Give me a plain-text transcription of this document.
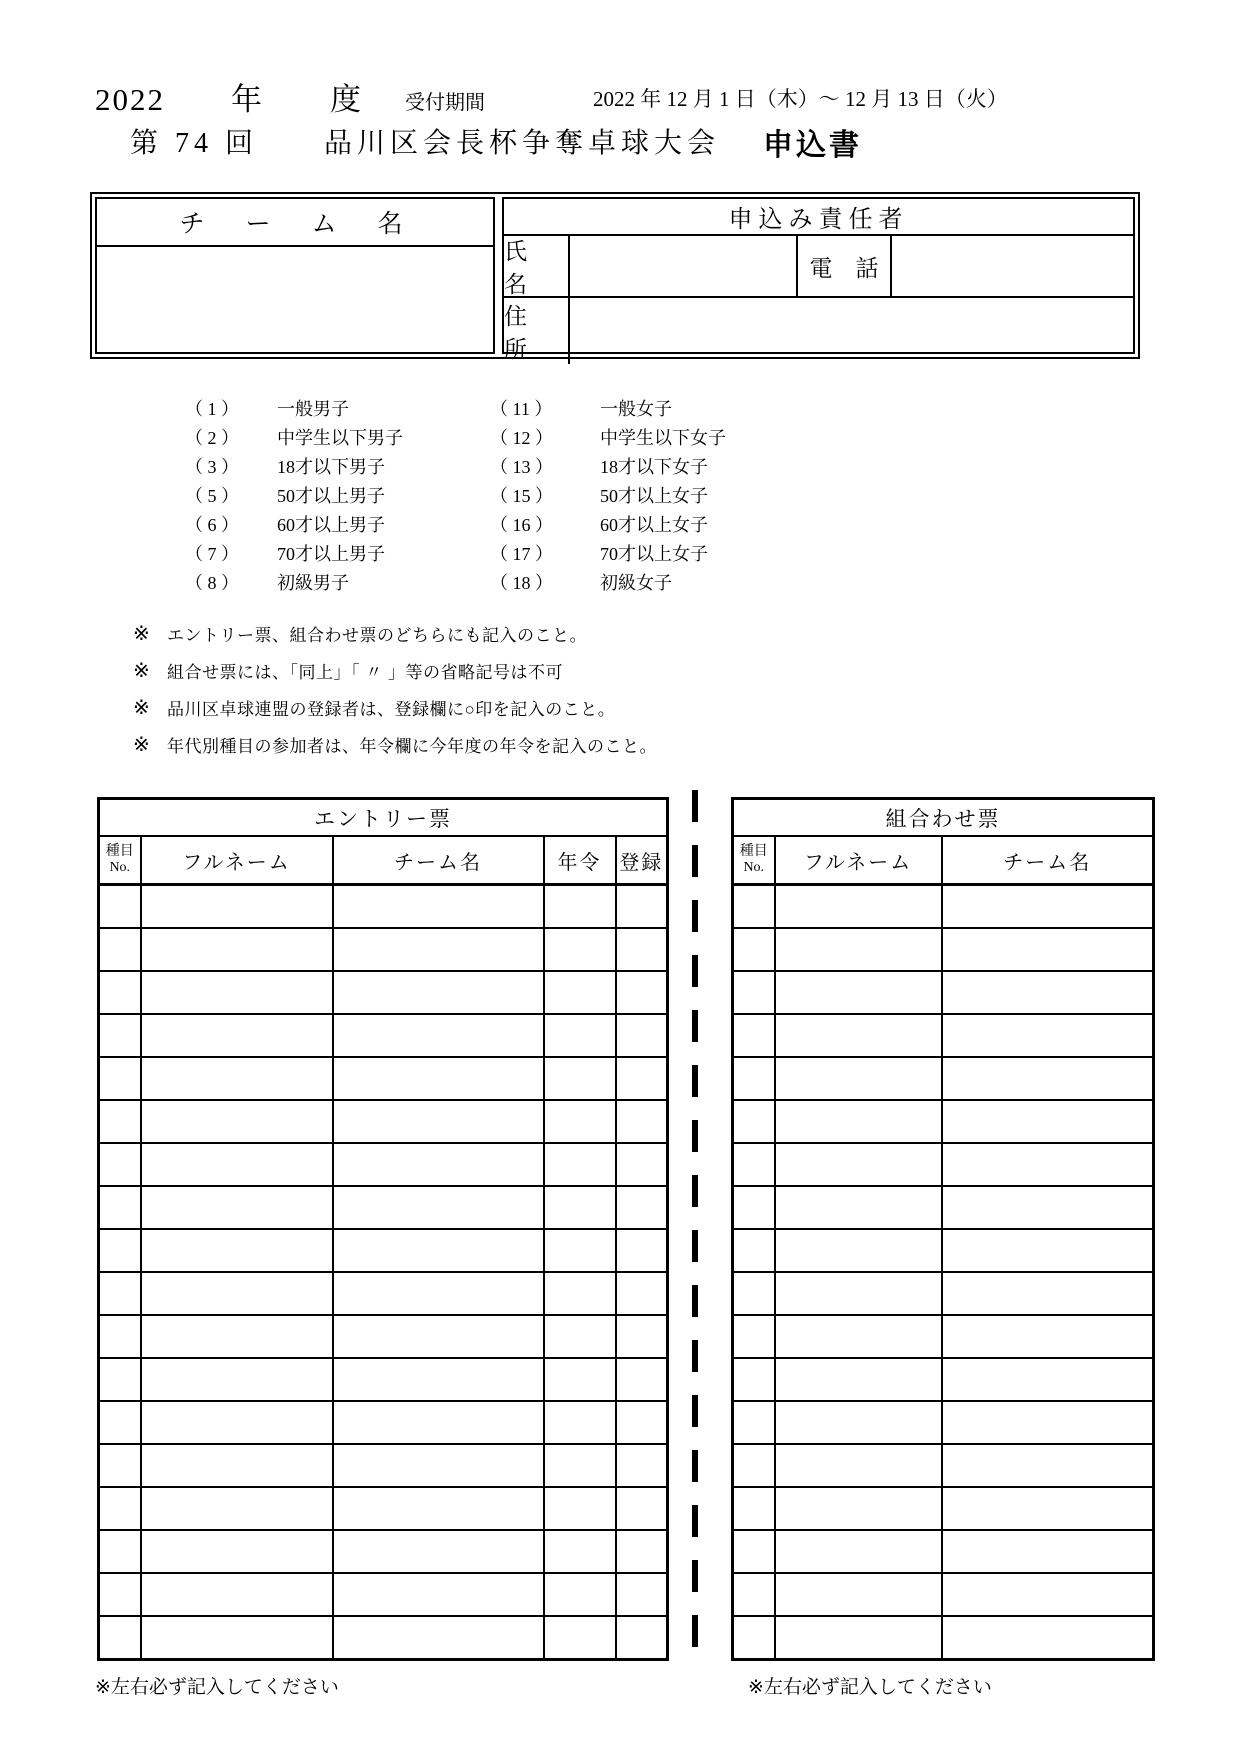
2022　　年　　度 受付期間	2022 年 12 月 1 日（木）～ 12 月 13 日（火）
第 74 回　　品川区会長杯争奪卓球大会 申込書
チ　ー　ム　名	申込み責任者
氏　名
電　話
住　所
（ 1 ）	一般男子
（ 2 ）	中学生以下男子
（ 3 ）	18才以下男子
（ 5 ）	50才以上男子
（ 6 ）	60才以上男子
（ 7 ）	70才以上男子
（ 8 ）	初級男子
（ 11 ）	一般女子
（ 12 ）	中学生以下女子
（ 13 ）	18才以下女子
（ 15 ）	50才以上女子
（ 16 ）	60才以上女子
（ 17 ）	70才以上女子
（ 18 ）	初級女子
※	エントリー票、組合わせ票のどちらにも記入のこと。
※	組合せ票には、「同上」「 〃 」等の省略記号は不可
※	品川区卓球連盟の登録者は、登録欄に○印を記入のこと。
※	年代別種目の参加者は、年令欄に今年度の年令を記入のこと。
エントリー票				

種目
No.	フルネーム	チーム名	年令	登録

組合わせ票		

種目
No.	フルネーム	チーム名

※左右必ず記入してください	※左右必ず記入してください
